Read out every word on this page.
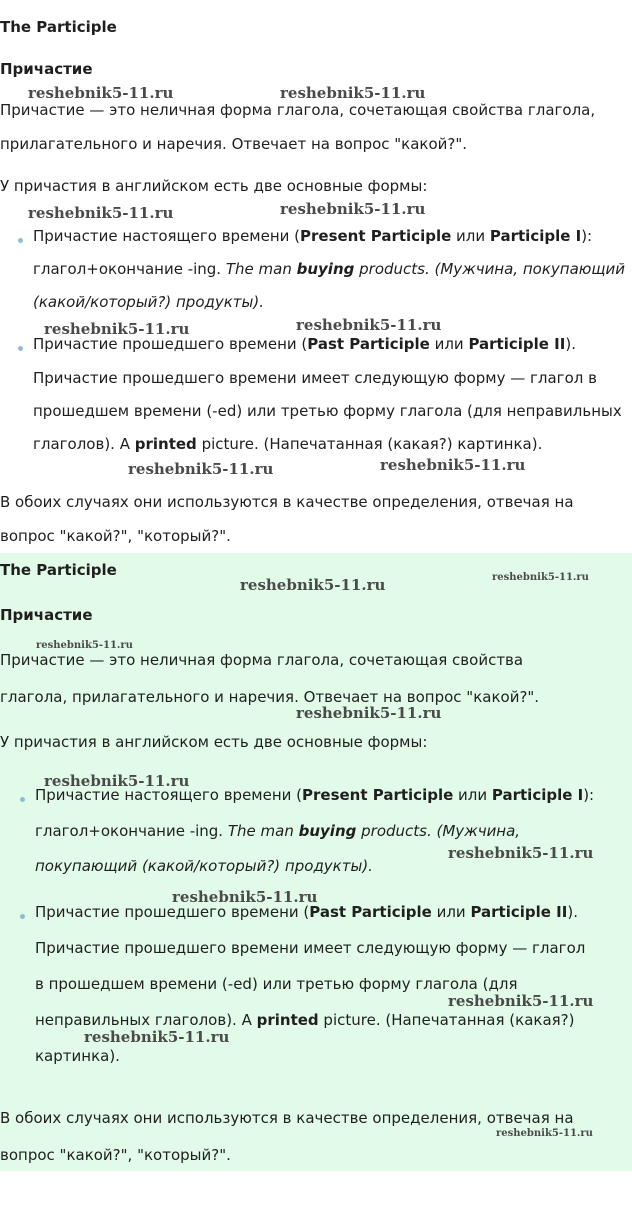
The Participle
Причастие
Причастие — это неличная форма глагола, сочетающая свойства глагола,
прилагательного и наречия. Отвечает на вопрос "какой?".
У причастия в английском есть две основные формы:
Причастие настоящего времени (Present Participle или Participle I):
глагол+окончание -ing. The man buying products. (Мужчина, покупающий
(какой/который?) продукты).
Причастие прошедшего времени (Past Participle или Participle II).
Причастие прошедшего времени имеет следующую форму — глагол в
прошедшем времени (-ed) или третью форму глагола (для неправильных
глаголов). А printed picture. (Напечатанная (какая?) картинка).
В обоих случаях они используются в качестве определения, отвечая на
вопрос "какой?", "который?".
reshebnik5-11.ru	reshebnik5-11.ru
reshebnik5-11.ru	reshebnik5-11.ru
reshebnik5-11.ru	reshebnik5-11.ru
reshebnik5-11.ru	reshebnik5-11.ru
The Participle
Причастие
Причастие — это неличная форма глагола, сочетающая свойства
глагола, прилагательного и наречия. Отвечает на вопрос "какой?".
У причастия в английском есть две основные формы:
Причастие настоящего времени (Present Participle или Participle I):
глагол+окончание -ing. The man buying products. (Мужчина,
покупающий (какой/который?) продукты).
Причастие прошедшего времени (Past Participle или Participle II).
Причастие прошедшего времени имеет следующую форму — глагол
в прошедшем времени (-ed) или третью форму глагола (для
неправильных глаголов). А printed picture. (Напечатанная (какая?)
картинка).
В обоих случаях они используются в качестве определения, отвечая на
вопрос "какой?", "который?".
reshebnik5-11.ru	reshebnik5-11.ru
reshebnik5-11.ru
reshebnik5-11.ru
reshebnik5-11.ru
reshebnik5-11.ru
reshebnik5-11.ru
reshebnik5-11.ru
reshebnik5-11.ru
reshebnik5-11.ru
